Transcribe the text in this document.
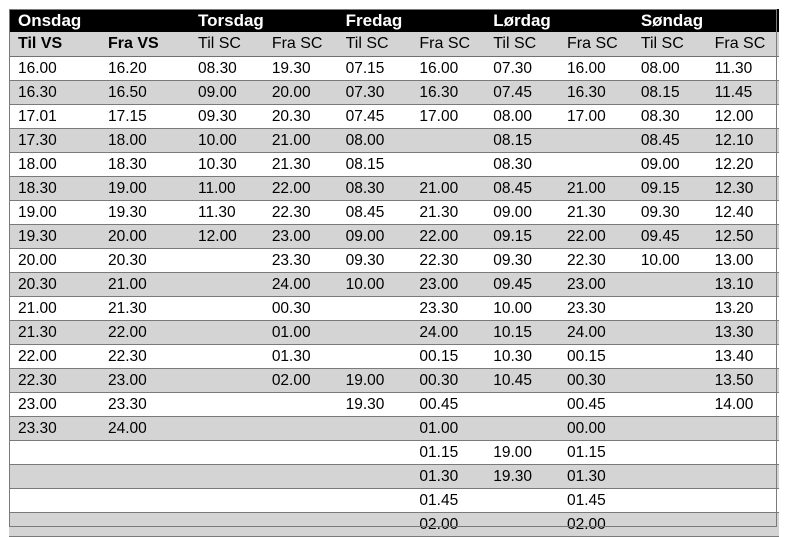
Onsdag		Torsdag		Fredag		Lørdag		Søndag	
Til VS	Fra VS	Til SC	Fra SC	Til SC	Fra SC	Til SC	Fra SC	Til SC	Fra SC
16.00	16.20	08.30	19.30	07.15	16.00	07.30	16.00	08.00	11.30
16.30	16.50	09.00	20.00	07.30	16.30	07.45	16.30	08.15	11.45
17.01	17.15	09.30	20.30	07.45	17.00	08.00	17.00	08.30	12.00
17.30	18.00	10.00	21.00	08.00		08.15		08.45	12.10
18.00	18.30	10.30	21.30	08.15		08.30		09.00	12.20
18.30	19.00	11.00	22.00	08.30	21.00	08.45	21.00	09.15	12.30
19.00	19.30	11.30	22.30	08.45	21.30	09.00	21.30	09.30	12.40
19.30	20.00	12.00	23.00	09.00	22.00	09.15	22.00	09.45	12.50
20.00	20.30		23.30	09.30	22.30	09.30	22.30	10.00	13.00
20.30	21.00		24.00	10.00	23.00	09.45	23.00		13.10
21.00	21.30		00.30		23.30	10.00	23.30		13.20
21.30	22.00		01.00		24.00	10.15	24.00		13.30
22.00	22.30		01.30		00.15	10.30	00.15		13.40
22.30	23.00		02.00	19.00	00.30	10.45	00.30		13.50
23.00	23.30			19.30	00.45		00.45		14.00
23.30	24.00				01.00		00.00		
					01.15	19.00	01.15		
					01.30	19.30	01.30		
					01.45		01.45		
					02.00		02.00		
